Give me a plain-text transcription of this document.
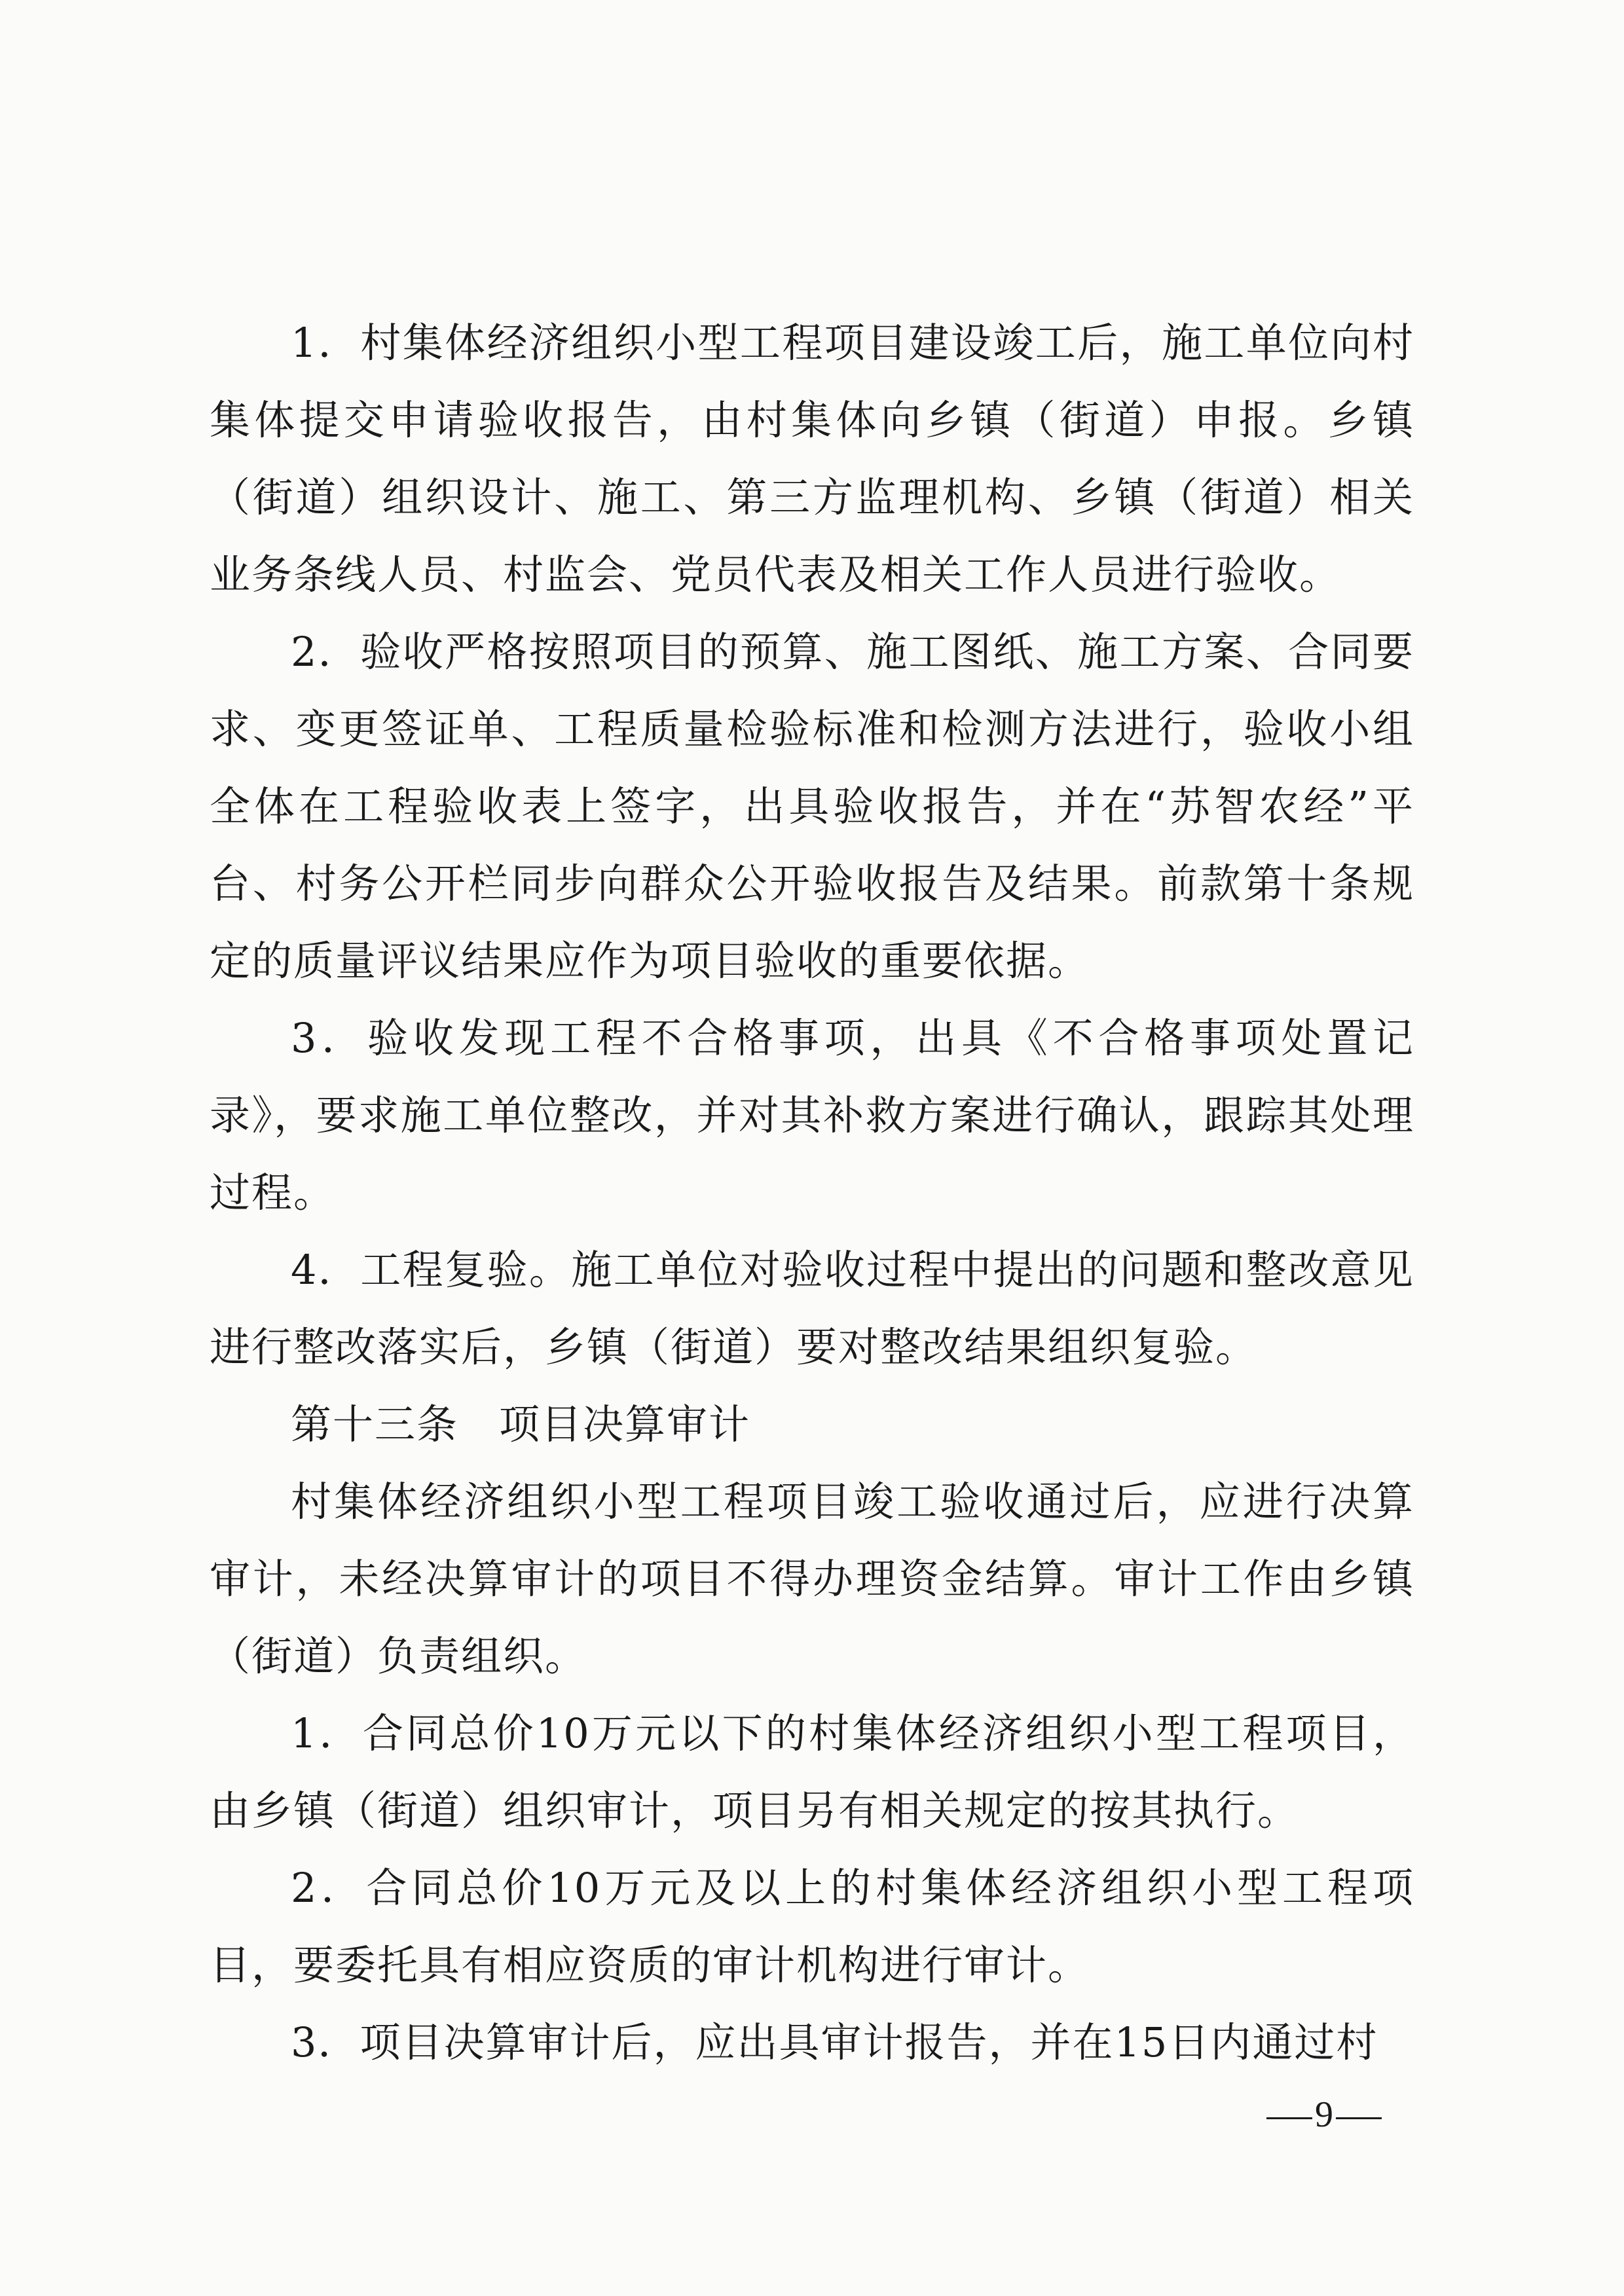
1．村集体经济组织小型工程项目建设竣工后，施工单位向村集体提交申请验收报告，由村集体向乡镇（街道）申报。乡镇（街道）组织设计、施工、第三方监理机构、乡镇（街道）相关业务条线人员、村监会、党员代表及相关工作人员进行验收。

2．验收严格按照项目的预算、施工图纸、施工方案、合同要求、变更签证单、工程质量检验标准和检测方法进行，验收小组全体在工程验收表上签字，出具验收报告，并在“苏智农经”平台、村务公开栏同步向群众公开验收报告及结果。前款第十条规定的质量评议结果应作为项目验收的重要依据。

3．验收发现工程不合格事项，出具《不合格事项处置记录》，要求施工单位整改，并对其补救方案进行确认，跟踪其处理过程。

4．工程复验。施工单位对验收过程中提出的问题和整改意见进行整改落实后，乡镇（街道）要对整改结果组织复验。

第十三条 项目决算审计

村集体经济组织小型工程项目竣工验收通过后，应进行决算审计，未经决算审计的项目不得办理资金结算。审计工作由乡镇（街道）负责组织。

1．合同总价10万元以下的村集体经济组织小型工程项目，由乡镇（街道）组织审计，项目另有相关规定的按其执行。

2．合同总价10万元及以上的村集体经济组织小型工程项目，要委托具有相应资质的审计机构进行审计。

3．项目决算审计后，应出具审计报告，并在15日内通过村

9
